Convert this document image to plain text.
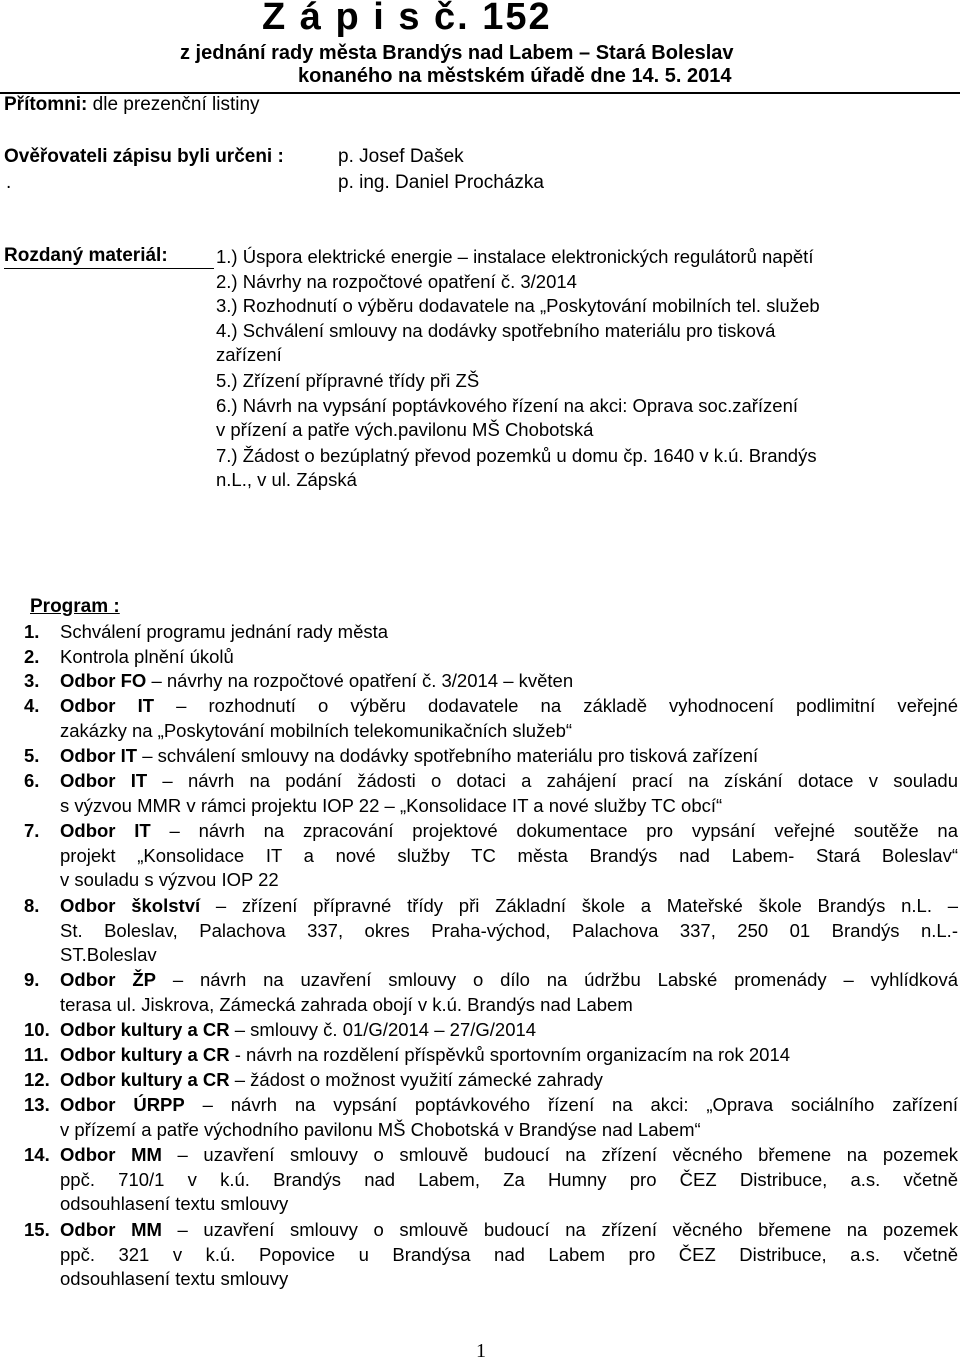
Z á p i s č. 152
z jednání rady města Brandýs nad Labem – Stará Boleslav
konaného na městském úřadě dne 14. 5. 2014
Přítomni: dle prezenční listiny
Ověřovateli zápisu byli určeni :	p. Josef Dašek
.	p. ing. Daniel Procházka
Rozdaný materiál:	1.) Úspora elektrické energie – instalace elektronických regulátorů napětí
2.) Návrhy na rozpočtové opatření č. 3/2014
3.) Rozhodnutí o výběru dodavatele na „Poskytování mobilních tel. služeb
4.) Schválení smlouvy na dodávky spotřebního materiálu pro tisková
zařízení
5.) Zřízení přípravné třídy při ZŠ
6.) Návrh na vypsání poptávkového řízení na akci: Oprava soc.zařízení
v přízení a patře vých.pavilonu MŠ Chobotská
7.) Žádost o bezúplatný převod pozemků u domu čp. 1640 v k.ú. Brandýs
n.L., v ul. Zápská
Program :
1. Schválení programu jednání rady města
2. Kontrola plnění úkolů
3. Odbor FO – návrhy na rozpočtové opatření č. 3/2014 – květen
4. Odbor IT – rozhodnutí o výběru dodavatele na základě vyhodnocení podlimitní veřejné
zakázky na „Poskytování mobilních telekomunikačních služeb“
5. Odbor IT – schválení smlouvy na dodávky spotřebního materiálu pro tisková zařízení
6. Odbor IT – návrh na podání žádosti o dotaci a zahájení prací na získání dotace v souladu
s výzvou MMR v rámci projektu IOP 22 – „Konsolidace IT a nové služby TC obcí“
7. Odbor IT – návrh na zpracování projektové dokumentace pro vypsání veřejné soutěže na
projekt „Konsolidace IT a nové služby TC města Brandýs nad Labem- Stará Boleslav“
v souladu s výzvou IOP 22
8. Odbor školství – zřízení přípravné třídy při Základní škole a Mateřské škole Brandýs n.L. –
St. Boleslav, Palachova 337, okres Praha-východ, Palachova 337, 250 01 Brandýs n.L.-
ST.Boleslav
9. Odbor ŽP – návrh na uzavření smlouvy o dílo na údržbu Labské promenády – vyhlídková
terasa ul. Jiskrova, Zámecká zahrada obojí v k.ú. Brandýs nad Labem
10. Odbor kultury a CR – smlouvy č. 01/G/2014 – 27/G/2014
11. Odbor kultury a CR - návrh na rozdělení příspěvků sportovním organizacím na rok 2014
12. Odbor kultury a CR – žádost o možnost využití zámecké zahrady
13. Odbor ÚRPP – návrh na vypsání poptávkového řízení na akci: „Oprava sociálního zařízení
v přízemí a patře východního pavilonu MŠ Chobotská v Brandýse nad Labem“
14. Odbor MM – uzavření smlouvy o smlouvě budoucí na zřízení věcného břemene na pozemek
ppč. 710/1 v k.ú. Brandýs nad Labem, Za Humny pro ČEZ Distribuce, a.s. včetně
odsouhlasení textu smlouvy
15. Odbor MM – uzavření smlouvy o smlouvě budoucí na zřízení věcného břemene na pozemek
ppč. 321 v k.ú. Popovice u Brandýsa nad Labem pro ČEZ Distribuce, a.s. včetně
odsouhlasení textu smlouvy
1
